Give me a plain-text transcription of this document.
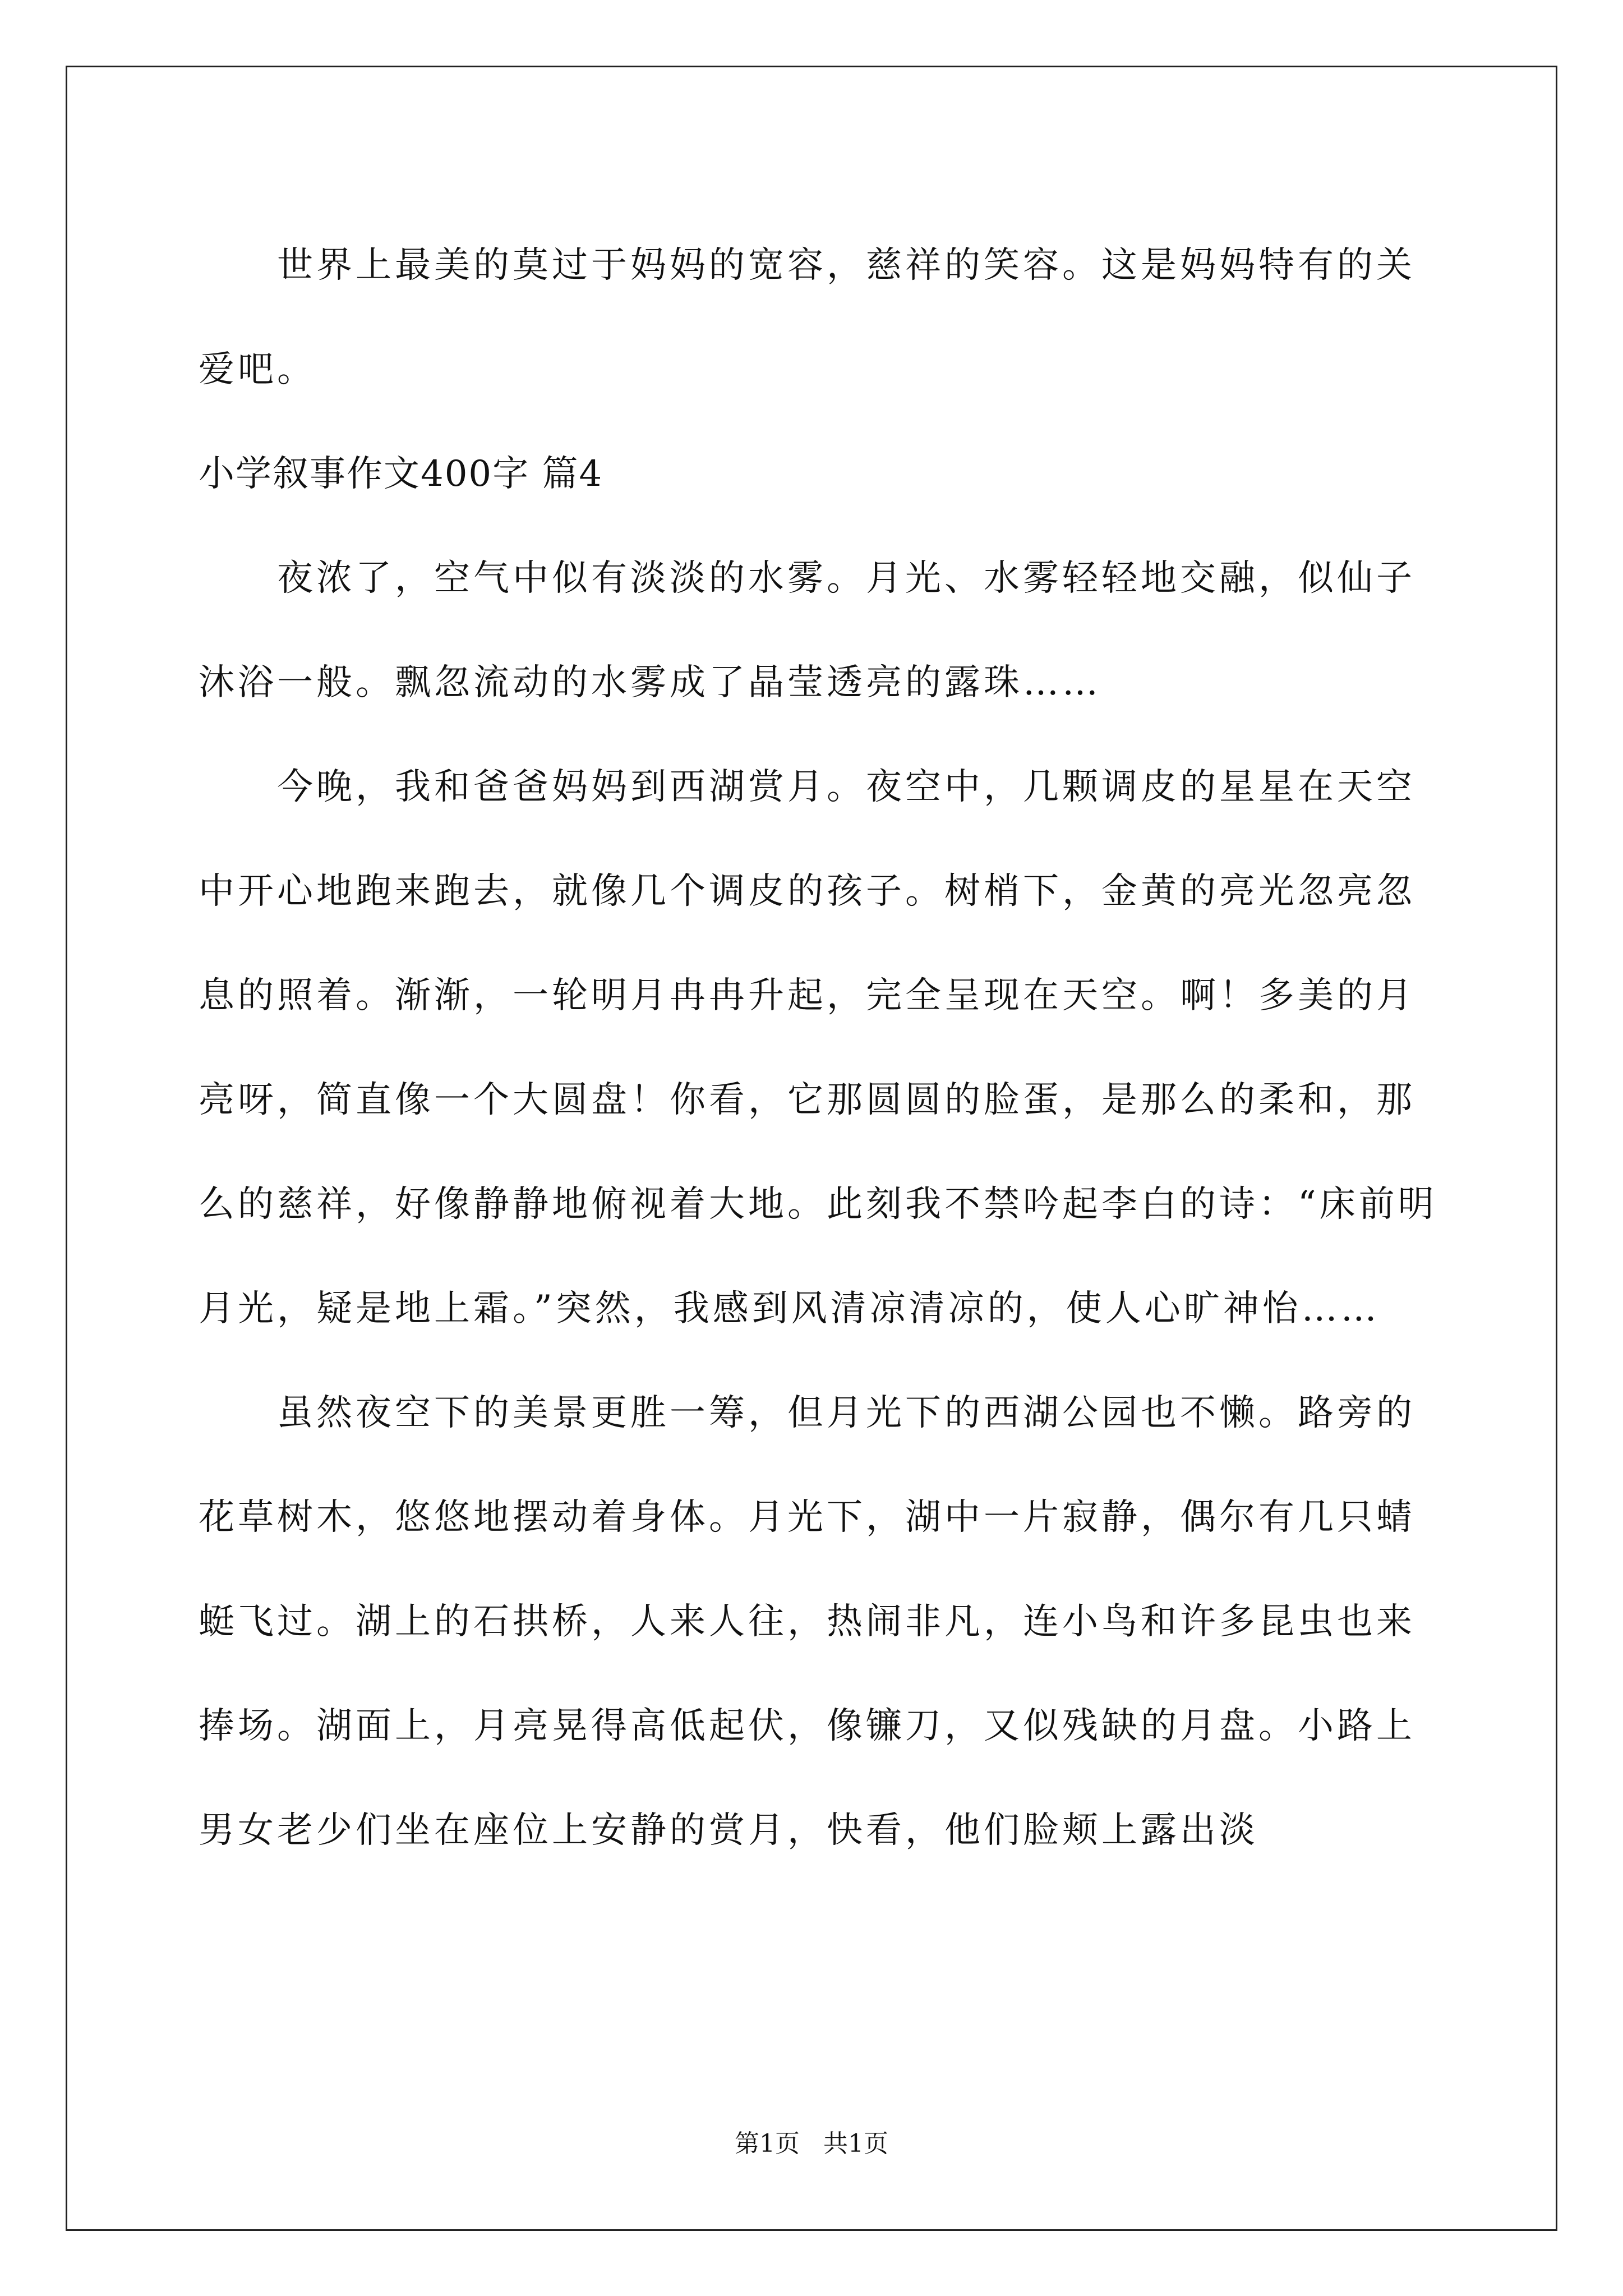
世界上最美的莫过于妈妈的宽容，慈祥的笑容。这是妈妈特有的关爱吧。

小学叙事作文400字 篇4

夜浓了，空气中似有淡淡的水雾。月光、水雾轻轻地交融，似仙子沐浴一般。飘忽流动的水雾成了晶莹透亮的露珠……

今晚，我和爸爸妈妈到西湖赏月。夜空中，几颗调皮的星星在天空中开心地跑来跑去，就像几个调皮的孩子。树梢下，金黄的亮光忽亮忽息的照着。渐渐，一轮明月冉冉升起，完全呈现在天空。啊！多美的月亮呀，简直像一个大圆盘！你看，它那圆圆的脸蛋，是那么的柔和，那么的慈祥，好像静静地俯视着大地。此刻我不禁吟起李白的诗：“床前明月光，疑是地上霜。”突然，我感到风清凉清凉的，使人心旷神怡……

虽然夜空下的美景更胜一筹，但月光下的西湖公园也不懒。路旁的花草树木，悠悠地摆动着身体。月光下，湖中一片寂静，偶尔有几只蜻蜓飞过。湖上的石拱桥，人来人往，热闹非凡，连小鸟和许多昆虫也来捧场。湖面上，月亮晃得高低起伏，像镰刀，又似残缺的月盘。小路上男女老少们坐在座位上安静的赏月，快看，他们脸颊上露出淡

第1页 共1页
